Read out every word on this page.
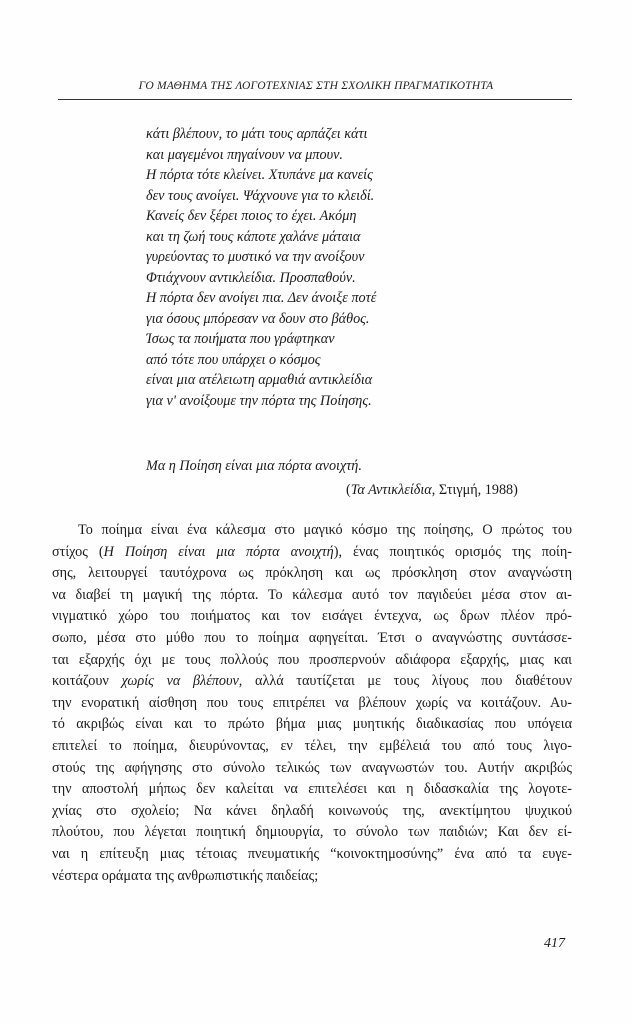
ΓΟ ΜΑΘΗΜΑ ΤΗΣ ΛΟΓΟΤΕΧΝΙΑΣ ΣΤΗ ΣΧΟΛΙΚΗ ΠΡΑΓΜΑΤΙΚΟΤΗΤΑ
κάτι βλέπουν, το μάτι τους αρπάζει κάτι
και μαγεμένοι πηγαίνουν να μπουν.
Η πόρτα τότε κλείνει. Χτυπάνε μα κανείς
δεν τους ανοίγει. Ψάχνουνε για το κλειδί.
Κανείς δεν ξέρει ποιος το έχει. Ακόμη
και τη ζωή τους κάποτε χαλάνε μάταια
γυρεύοντας το μυστικό να την ανοίξουν
Φτιάχνουν αντικλείδια. Προσπαθούν.
Η πόρτα δεν ανοίγει πια. Δεν άνοιξε ποτέ
για όσους μπόρεσαν να δουν στο βάθος.
Ίσως τα ποιήματα που γράφτηκαν
από τότε που υπάρχει ο κόσμος
είναι μια ατέλειωτη αρμαθιά αντικλείδια
για ν' ανοίξουμε την πόρτα της Ποίησης.
Μα η Ποίηση είναι μια πόρτα ανοιχτή.
(Τα Αντικλείδια, Στιγμή, 1988)
Το ποίημα είναι ένα κάλεσμα στο μαγικό κόσμο της ποίησης, Ο πρώτος του
στίχος (Η Ποίηση είναι μια πόρτα ανοιχτή), ένας ποιητικός ορισμός της ποίη-
σης, λειτουργεί ταυτόχρονα ως πρόκληση και ως πρόσκληση στον αναγνώστη
να διαβεί τη μαγική της πόρτα. Το κάλεσμα αυτό τον παγιδεύει μέσα στον αι-
νιγματικό χώρο του ποιήματος και τον εισάγει έντεχνα, ως δρων πλέον πρό-
σωπο, μέσα στο μύθο που το ποίημα αφηγείται. Έτσι ο αναγνώστης συντάσσε-
ται εξαρχής όχι με τους πολλούς που προσπερνούν αδιάφορα εξαρχής, μιας και
κοιτάζουν χωρίς να βλέπουν, αλλά ταυτίζεται με τους λίγους που διαθέτουν
την ενορατική αίσθηση που τους επιτρέπει να βλέπουν χωρίς να κοιτάζουν. Αυ-
τό ακριβώς είναι και το πρώτο βήμα μιας μυητικής διαδικασίας που υπόγεια
επιτελεί το ποίημα, διευρύνοντας, εν τέλει, την εμβέλειά του από τους λιγο-
στούς της αφήγησης στο σύνολο τελικώς των αναγνωστών του. Αυτήν ακριβώς
την αποστολή μήπως δεν καλείται να επιτελέσει και η διδασκαλία της λογοτε-
χνίας στο σχολείο; Να κάνει δηλαδή κοινωνούς της, ανεκτίμητου ψυχικού
πλούτου, που λέγεται ποιητική δημιουργία, το σύνολο των παιδιών; Και δεν εί-
ναι η επίτευξη μιας τέτοιας πνευματικής “κοινοκτημοσύνης” ένα από τα ευγε-
νέστερα οράματα της ανθρωπιστικής παιδείας;
417
